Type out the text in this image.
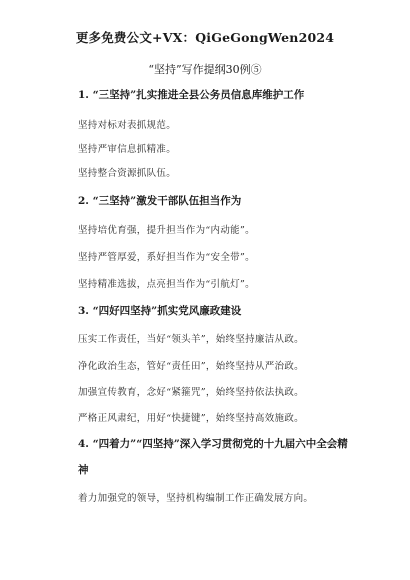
更多免费公文+VX：QiGeGongWen2024
“坚持”写作提纲30例⑤
1. “三坚持”扎实推进全县公务员信息库维护工作
坚持对标对表抓规范。
坚持严审信息抓精准。
坚持整合资源抓队伍。
2. “三坚持”激发干部队伍担当作为
坚持培优育强，提升担当作为“内动能”。
坚持严管厚爱，系好担当作为“安全带”。
坚持精准选拔，点亮担当作为“引航灯”。
3. “四好四坚持”抓实党风廉政建设
压实工作责任，当好“领头羊”，始终坚持廉洁从政。
净化政治生态，管好“责任田”，始终坚持从严治政。
加强宣传教育，念好“紧箍咒”，始终坚持依法执政。
严格正风肃纪，用好“快捷键”，始终坚持高效施政。
4. “四着力”“四坚持”深入学习贯彻党的十九届六中全会精神
着力加强党的领导，坚持机构编制工作正确发展方向。
